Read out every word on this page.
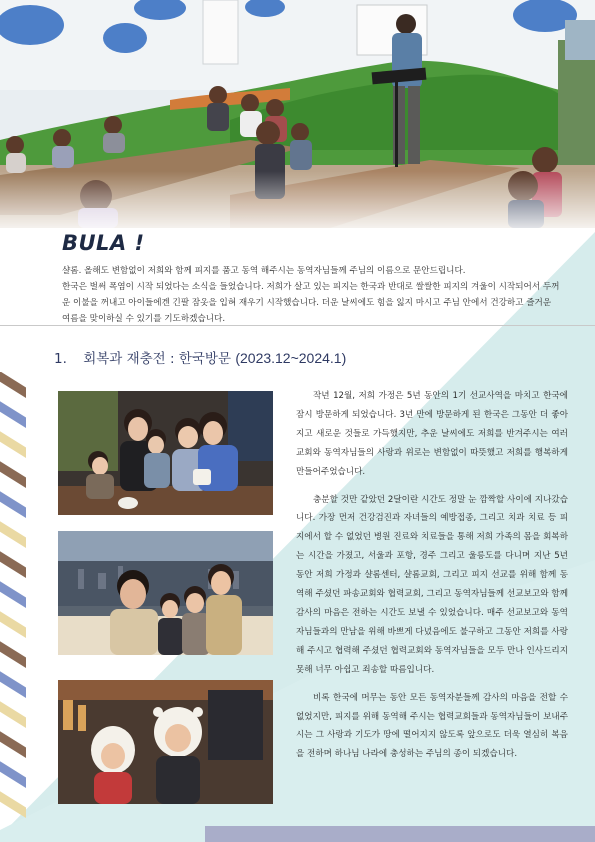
BULA !

샬롬. 올해도 변함없이 저희와 함께 피지를 품고 동역 해주시는 동역자님들께 주님의 이름으로 문안드립니다.

한국은 벌써 폭염이 시작 되었다는 소식을 들었습니다. 저희가 살고 있는 피지는 한국과 반대로 쌀쌀한 피지의 겨울이 시작되어서 두꺼운 이불을 꺼내고 아이들에겐 긴팔 잠옷을 입혀 재우기 시작했습니다. 더운 날씨에도 힘을 잃지 마시고 주님 안에서 건강하고 즐거운 여름을 맞이하실 수 있기를 기도하겠습니다.

1. 회복과 재충전 : 한국방문 (2023.12~2024.1)

작년 12월, 저희 가정은 5년 동안의 1기 선교사역을 마치고 한국에 잠시 방문하게 되었습니다. 3년 만에 방문하게 된 한국은 그동안 더 좋아지고 새로운 것들로 가득했지만, 추운 날씨에도 저희를 반겨주시는 여러 교회와 동역자님들의 사랑과 위로는 변함없이 따뜻했고 저희를 행복하게 만들어주었습니다.

충분할 것만 같았던 2달이란 시간도 정말 눈 깜짝할 사이에 지나갔습니다. 가장 먼저 건강검진과 자녀들의 예방접종, 그리고 치과 치료 등 피지에서 할 수 없었던 병원 진료와 치료들을 통해 저희 가족의 몸을 회복하는 시간을 가졌고, 서울과 포항, 경주 그리고 울릉도를 다니며 지난 5년 동안 저희 가정과 샬롬센터, 샬롬교회, 그리고 피지 선교를 위해 함께 동역해 주셨던 파송교회와 협력교회, 그리고 동역자님들께 선교보고와 함께 감사의 마음은 전하는 시간도 보낼 수 있었습니다. 매주 선교보고와 동역자님들과의 만남을 위해 바쁘게 다녔음에도 불구하고 그동안 저희를 사랑해 주시고 협력해 주셨던 협력교회와 동역자님들을 모두 만나 인사드리지 못해 너무 아쉽고 죄송할 따름입니다.

비록 한국에 머무는 동안 모든 동역자분들께 감사의 마음을 전할 수 없었지만, 피지를 위해 동역해 주시는 협력교회들과 동역자님들이 보내주시는 그 사랑과 기도가 땅에 떨어지지 않도록 앞으로도 더욱 열심히 복음을 전하며 하나님 나라에 충성하는 주님의 종이 되겠습니다.
